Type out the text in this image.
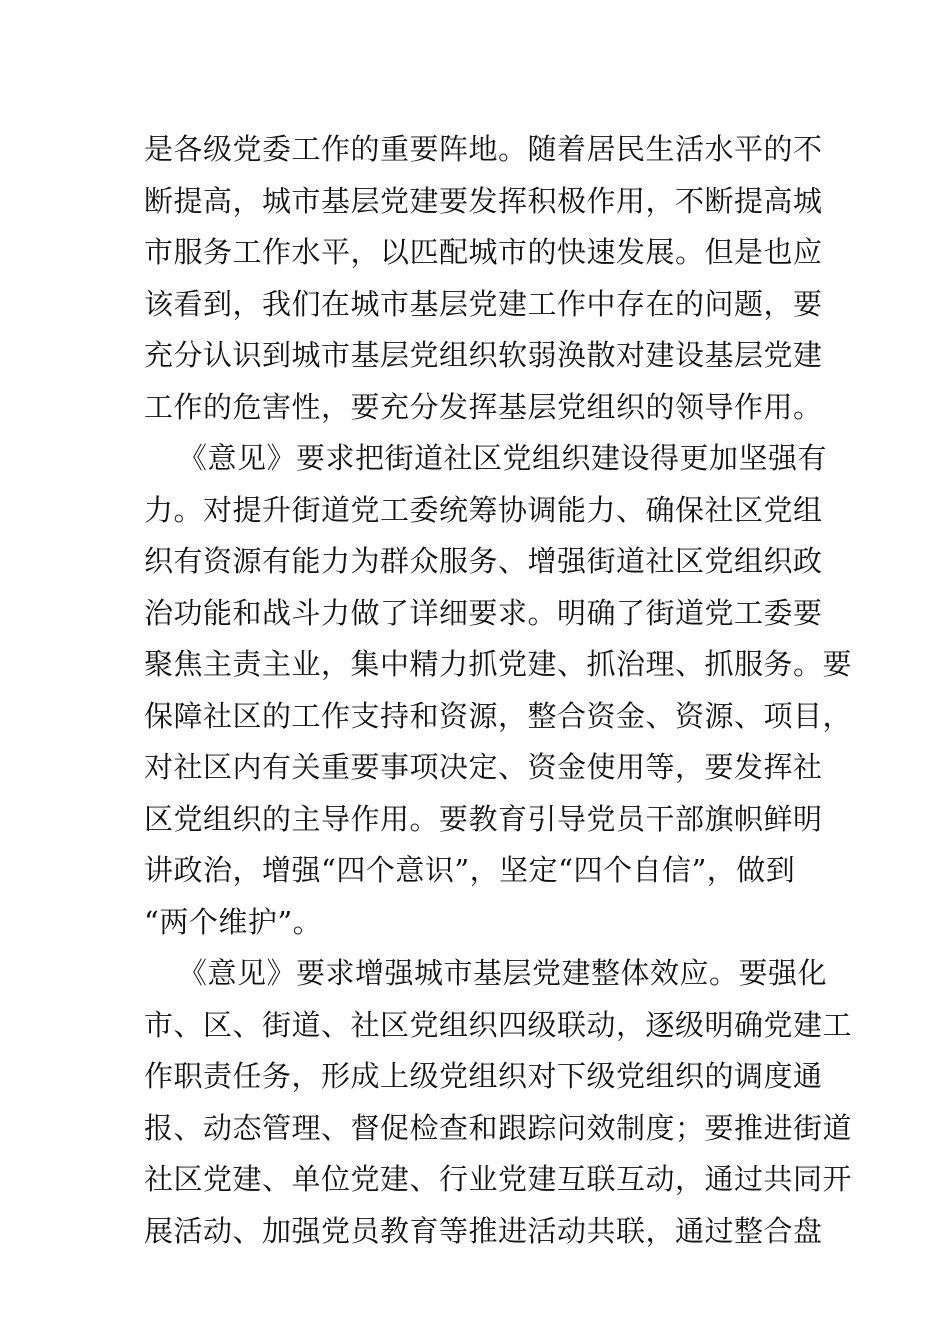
是各级党委工作的重要阵地。随着居民生活水平的不
断提高，城市基层党建要发挥积极作用，不断提高城
市服务工作水平，以匹配城市的快速发展。但是也应
该看到，我们在城市基层党建工作中存在的问题，要
充分认识到城市基层党组织软弱涣散对建设基层党建
工作的危害性，要充分发挥基层党组织的领导作用。
《意见》要求把街道社区党组织建设得更加坚强有
力。对提升街道党工委统筹协调能力、确保社区党组
织有资源有能力为群众服务、增强街道社区党组织政
治功能和战斗力做了详细要求。明确了街道党工委要
聚焦主责主业，集中精力抓党建、抓治理、抓服务。要
保障社区的工作支持和资源，整合资金、资源、项目，
对社区内有关重要事项决定、资金使用等，要发挥社
区党组织的主导作用。要教育引导党员干部旗帜鲜明
讲政治，增强“四个意识”，坚定“四个自信”，做到
“两个维护”。
《意见》要求增强城市基层党建整体效应。要强化
市、区、街道、社区党组织四级联动，逐级明确党建工
作职责任务，形成上级党组织对下级党组织的调度通
报、动态管理、督促检查和跟踪问效制度；要推进街道
社区党建、单位党建、行业党建互联互动，通过共同开
展活动、加强党员教育等推进活动共联，通过整合盘
